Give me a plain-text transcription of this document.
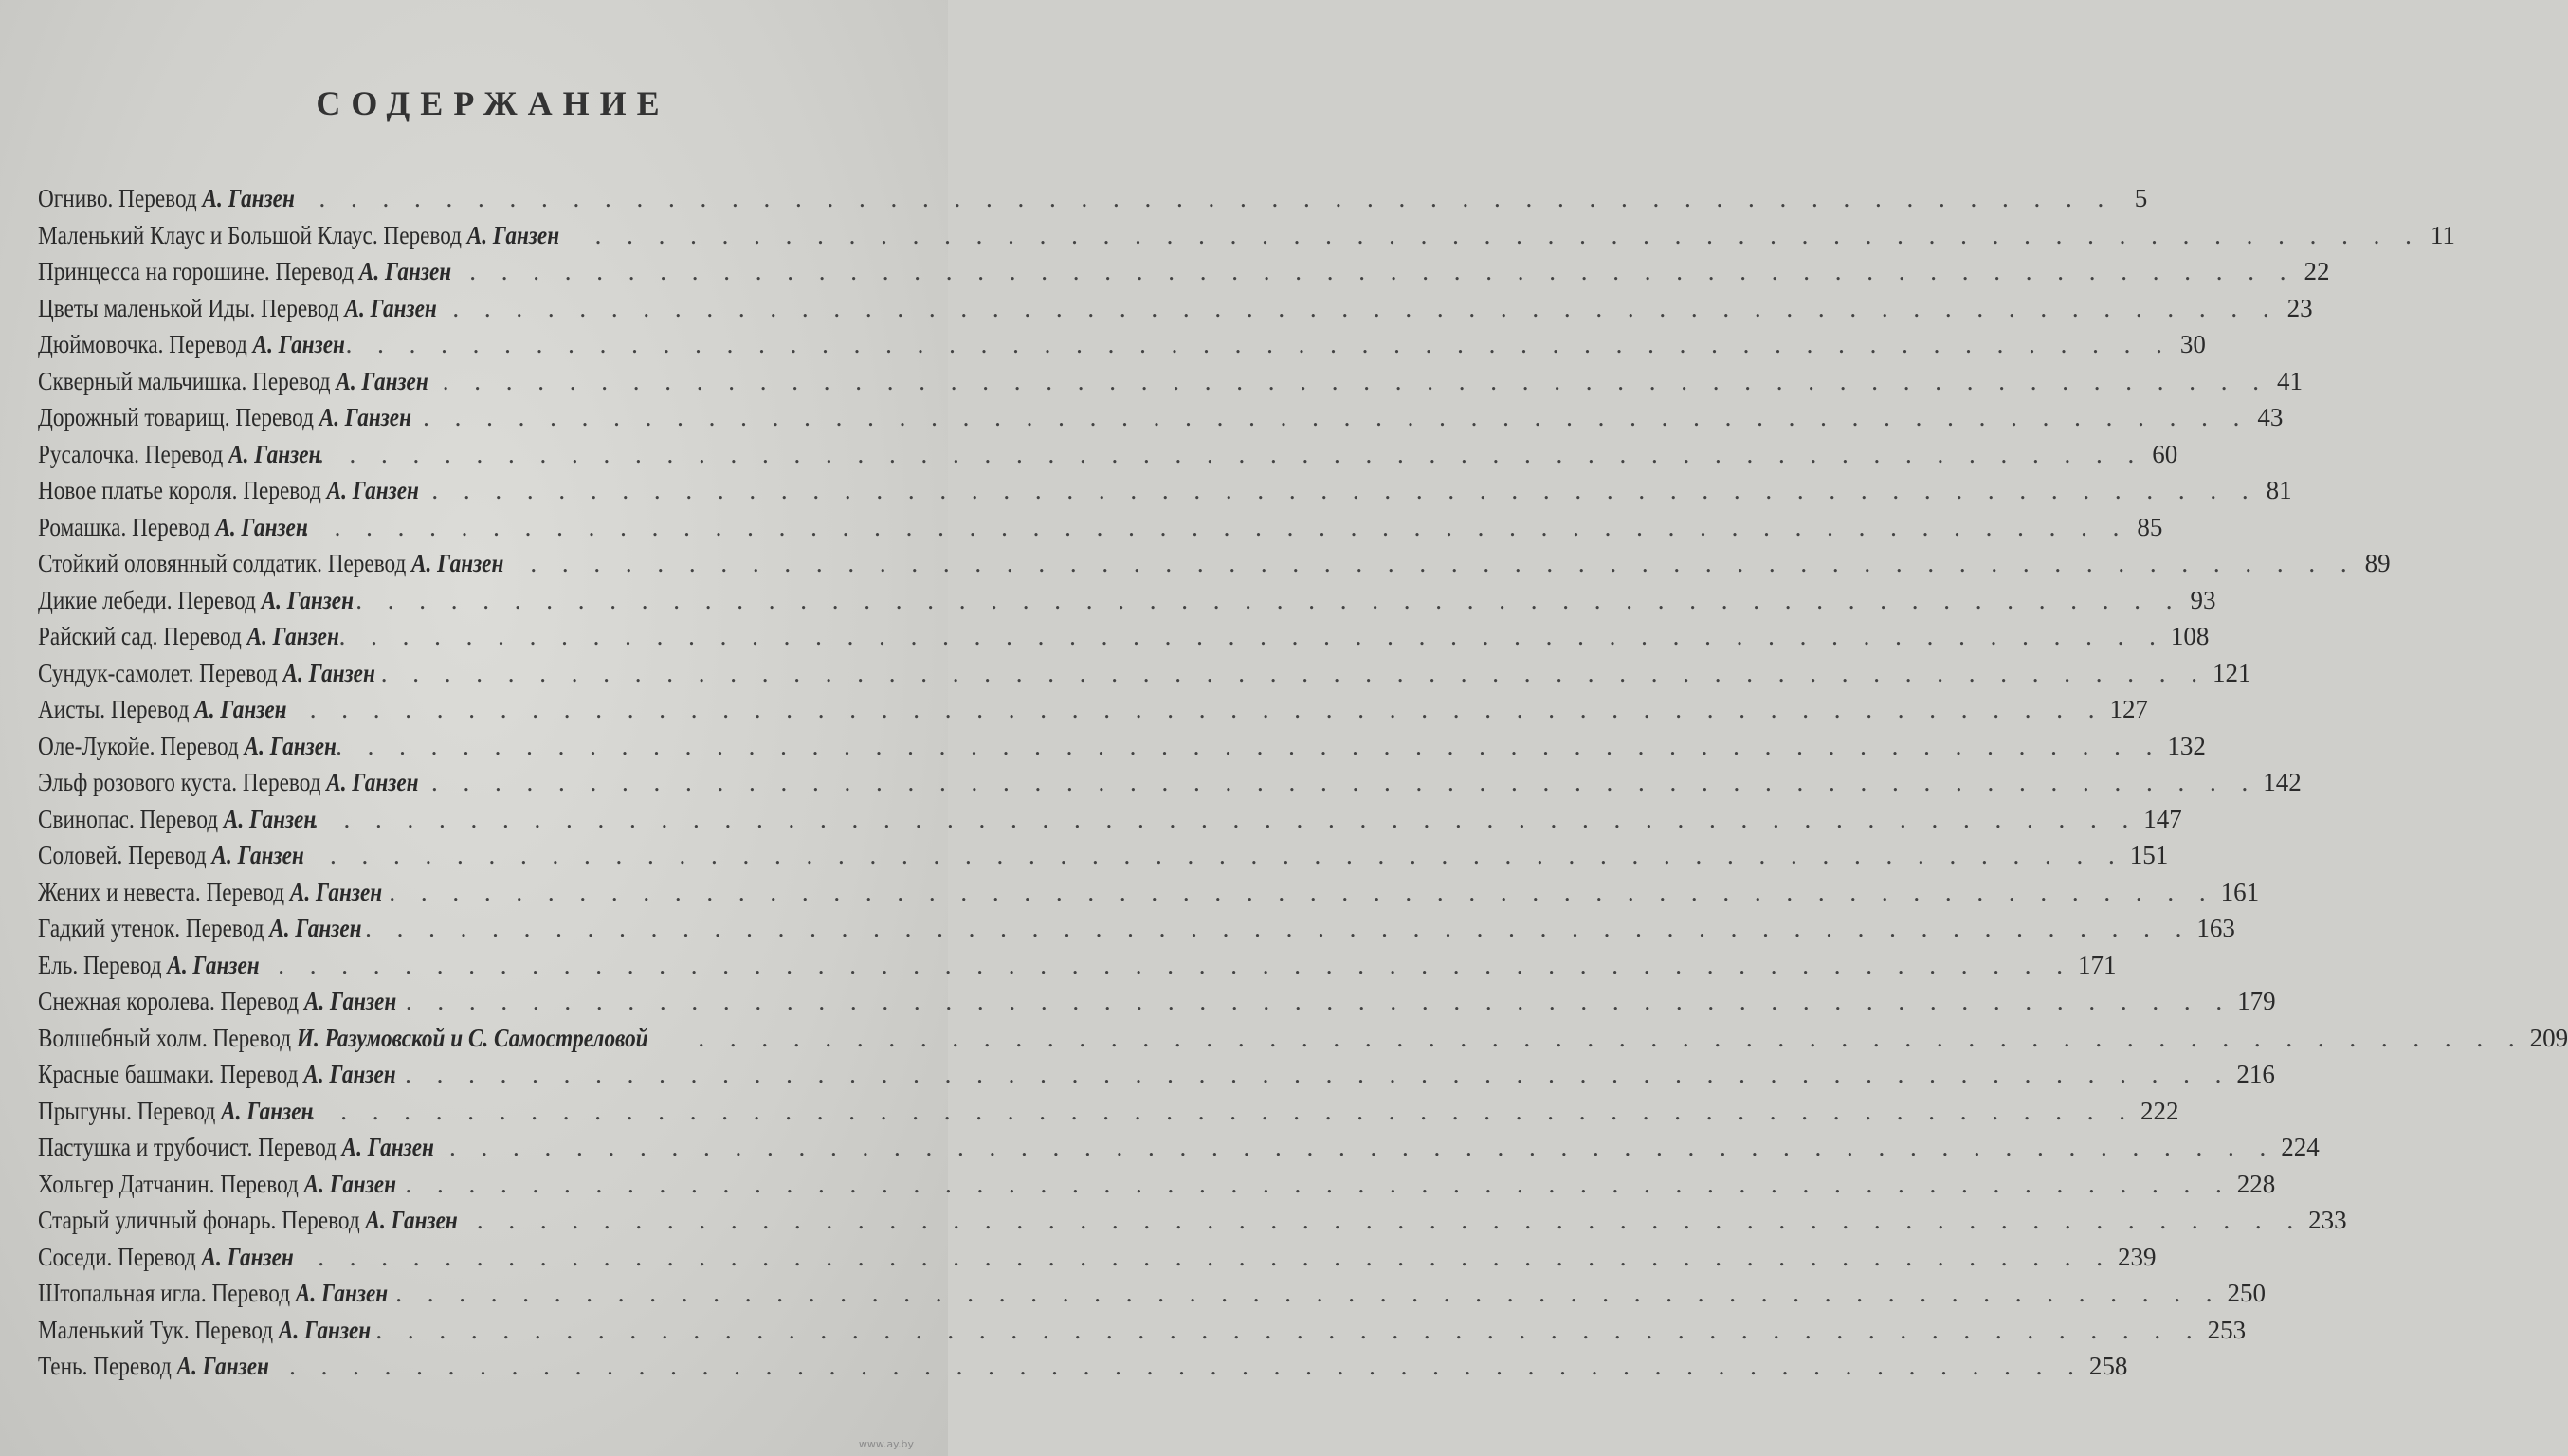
СОДЕРЖАНИЕ
Огниво. Перевод А. Ганзен
. . . . . . . . . . . . . . . . . . . . . . . . . . . . . . . . . . . . . . . . . . . . . . . . . . . . . . . . . . 5
Маленький Клаус и Большой Клаус. Перевод А. Ганзен . . . . . . . . . . . . . . . . . . . . . . . . . . . . . . . . . . . . . . . . . . . . . . . . . . . . . . . . . . 11
Принцесса на горошине. Перевод А. Ганзен . . . . . . . . . . . . . . . . . . . . . . . . . . . . . . . . . . . . . . . . . . . . . . . . . . . . . . . . . . 22
Цветы маленькой Иды. Перевод А. Ганзен . . . . . . . . . . . . . . . . . . . . . . . . . . . . . . . . . . . . . . . . . . . . . . . . . . . . . . . . . . 23
Дюймовочка. Перевод А. Ганзен . . . . . . . . . . . . . . . . . . . . . . . . . . . . . . . . . . . . . . . . . . . . . . . . . . . . . . . . . . 30
Скверный мальчишка. Перевод А. Ганзен . . . . . . . . . . . . . . . . . . . . . . . . . . . . . . . . . . . . . . . . . . . . . . . . . . . . . . . . . . 41
Дорожный товарищ. Перевод А. Ганзен . . . . . . . . . . . . . . . . . . . . . . . . . . . . . . . . . . . . . . . . . . . . . . . . . . . . . . . . . . 43
Русалочка. Перевод А. Ганзен
. . . . . . . . . . . . . . . . . . . . . . . . . . . . . . . . . . . . . . . . . . . . . . . . . . . . . . . . . . 60
Новое платье короля. Перевод А. Ганзен . . . . . . . . . . . . . . . . . . . . . . . . . . . . . . . . . . . . . . . . . . . . . . . . . . . . . . . . . . 81
Ромашка. Перевод А. Ганзен
. . . . . . . . . . . . . . . . . . . . . . . . . . . . . . . . . . . . . . . . . . . . . . . . . . . . . . . . . . 85
Стойкий оловянный солдатик. Перевод А. Ганзен . . . . . . . . . . . . . . . . . . . . . . . . . . . . . . . . . . . . . . . . . . . . . . . . . . . . . . . . . . 89
Дикие лебеди. Перевод А. Ганзен . . . . . . . . . . . . . . . . . . . . . . . . . . . . . . . . . . . . . . . . . . . . . . . . . . . . . . . . . . 93
Райский сад. Перевод А. Ганзен . . . . . . . . . . . . . . . . . . . . . . . . . . . . . . . . . . . . . . . . . . . . . . . . . . . . . . . . . . 108
Сундук-самолет. Перевод А. Ганзен . . . . . . . . . . . . . . . . . . . . . . . . . . . . . . . . . . . . . . . . . . . . . . . . . . . . . . . . . . 121
Аисты. Перевод А. Ганзен
. . . . . . . . . . . . . . . . . . . . . . . . . . . . . . . . . . . . . . . . . . . . . . . . . . . . . . . . . . 127
Оле-Лукойе. Перевод А. Ганзен . . . . . . . . . . . . . . . . . . . . . . . . . . . . . . . . . . . . . . . . . . . . . . . . . . . . . . . . . . 132
Эльф розового куста. Перевод А. Ганзен . . . . . . . . . . . . . . . . . . . . . . . . . . . . . . . . . . . . . . . . . . . . . . . . . . . . . . . . . . 142
Свинопас. Перевод А. Ганзен
. . . . . . . . . . . . . . . . . . . . . . . . . . . . . . . . . . . . . . . . . . . . . . . . . . . . . . . . . . 147
Соловей. Перевод А. Ганзен
. . . . . . . . . . . . . . . . . . . . . . . . . . . . . . . . . . . . . . . . . . . . . . . . . . . . . . . . . . 151
Жених и невеста. Перевод А. Ганзен . . . . . . . . . . . . . . . . . . . . . . . . . . . . . . . . . . . . . . . . . . . . . . . . . . . . . . . . . . 161
Гадкий утенок. Перевод А. Ганзен . . . . . . . . . . . . . . . . . . . . . . . . . . . . . . . . . . . . . . . . . . . . . . . . . . . . . . . . . . 163
Ель. Перевод А. Ганзен
. . . . . . . . . . . . . . . . . . . . . . . . . . . . . . . . . . . . . . . . . . . . . . . . . . . . . . . . . . 171
Снежная королева. Перевод А. Ганзен . . . . . . . . . . . . . . . . . . . . . . . . . . . . . . . . . . . . . . . . . . . . . . . . . . . . . . . . . . 179
Волшебный холм. Перевод И. Разумовской и С. Самостреловой . . . . . . . . . . . . . . . . . . . . . . . . . . . . . . . . . . . . . . . . . . . . . . . . . . . . . . . . . . 209
Красные башмаки. Перевод А. Ганзен . . . . . . . . . . . . . . . . . . . . . . . . . . . . . . . . . . . . . . . . . . . . . . . . . . . . . . . . . . 216
Прыгуны. Перевод А. Ганзен
. . . . . . . . . . . . . . . . . . . . . . . . . . . . . . . . . . . . . . . . . . . . . . . . . . . . . . . . . . 222
Пастушка и трубочист. Перевод А. Ганзен . . . . . . . . . . . . . . . . . . . . . . . . . . . . . . . . . . . . . . . . . . . . . . . . . . . . . . . . . . 224
Хольгер Датчанин. Перевод А. Ганзен . . . . . . . . . . . . . . . . . . . . . . . . . . . . . . . . . . . . . . . . . . . . . . . . . . . . . . . . . . 228
Старый уличный фонарь. Перевод А. Ганзен . . . . . . . . . . . . . . . . . . . . . . . . . . . . . . . . . . . . . . . . . . . . . . . . . . . . . . . . . . 233
Соседи. Перевод А. Ганзен
. . . . . . . . . . . . . . . . . . . . . . . . . . . . . . . . . . . . . . . . . . . . . . . . . . . . . . . . . . 239
Штопальная игла. Перевод А. Ганзен . . . . . . . . . . . . . . . . . . . . . . . . . . . . . . . . . . . . . . . . . . . . . . . . . . . . . . . . . . 250
Маленький Тук. Перевод А. Ганзен . . . . . . . . . . . . . . . . . . . . . . . . . . . . . . . . . . . . . . . . . . . . . . . . . . . . . . . . . . 253
Тень. Перевод А. Ганзен
. . . . . . . . . . . . . . . . . . . . . . . . . . . . . . . . . . . . . . . . . . . . . . . . . . . . . . . . . . 258
www.ay.by
